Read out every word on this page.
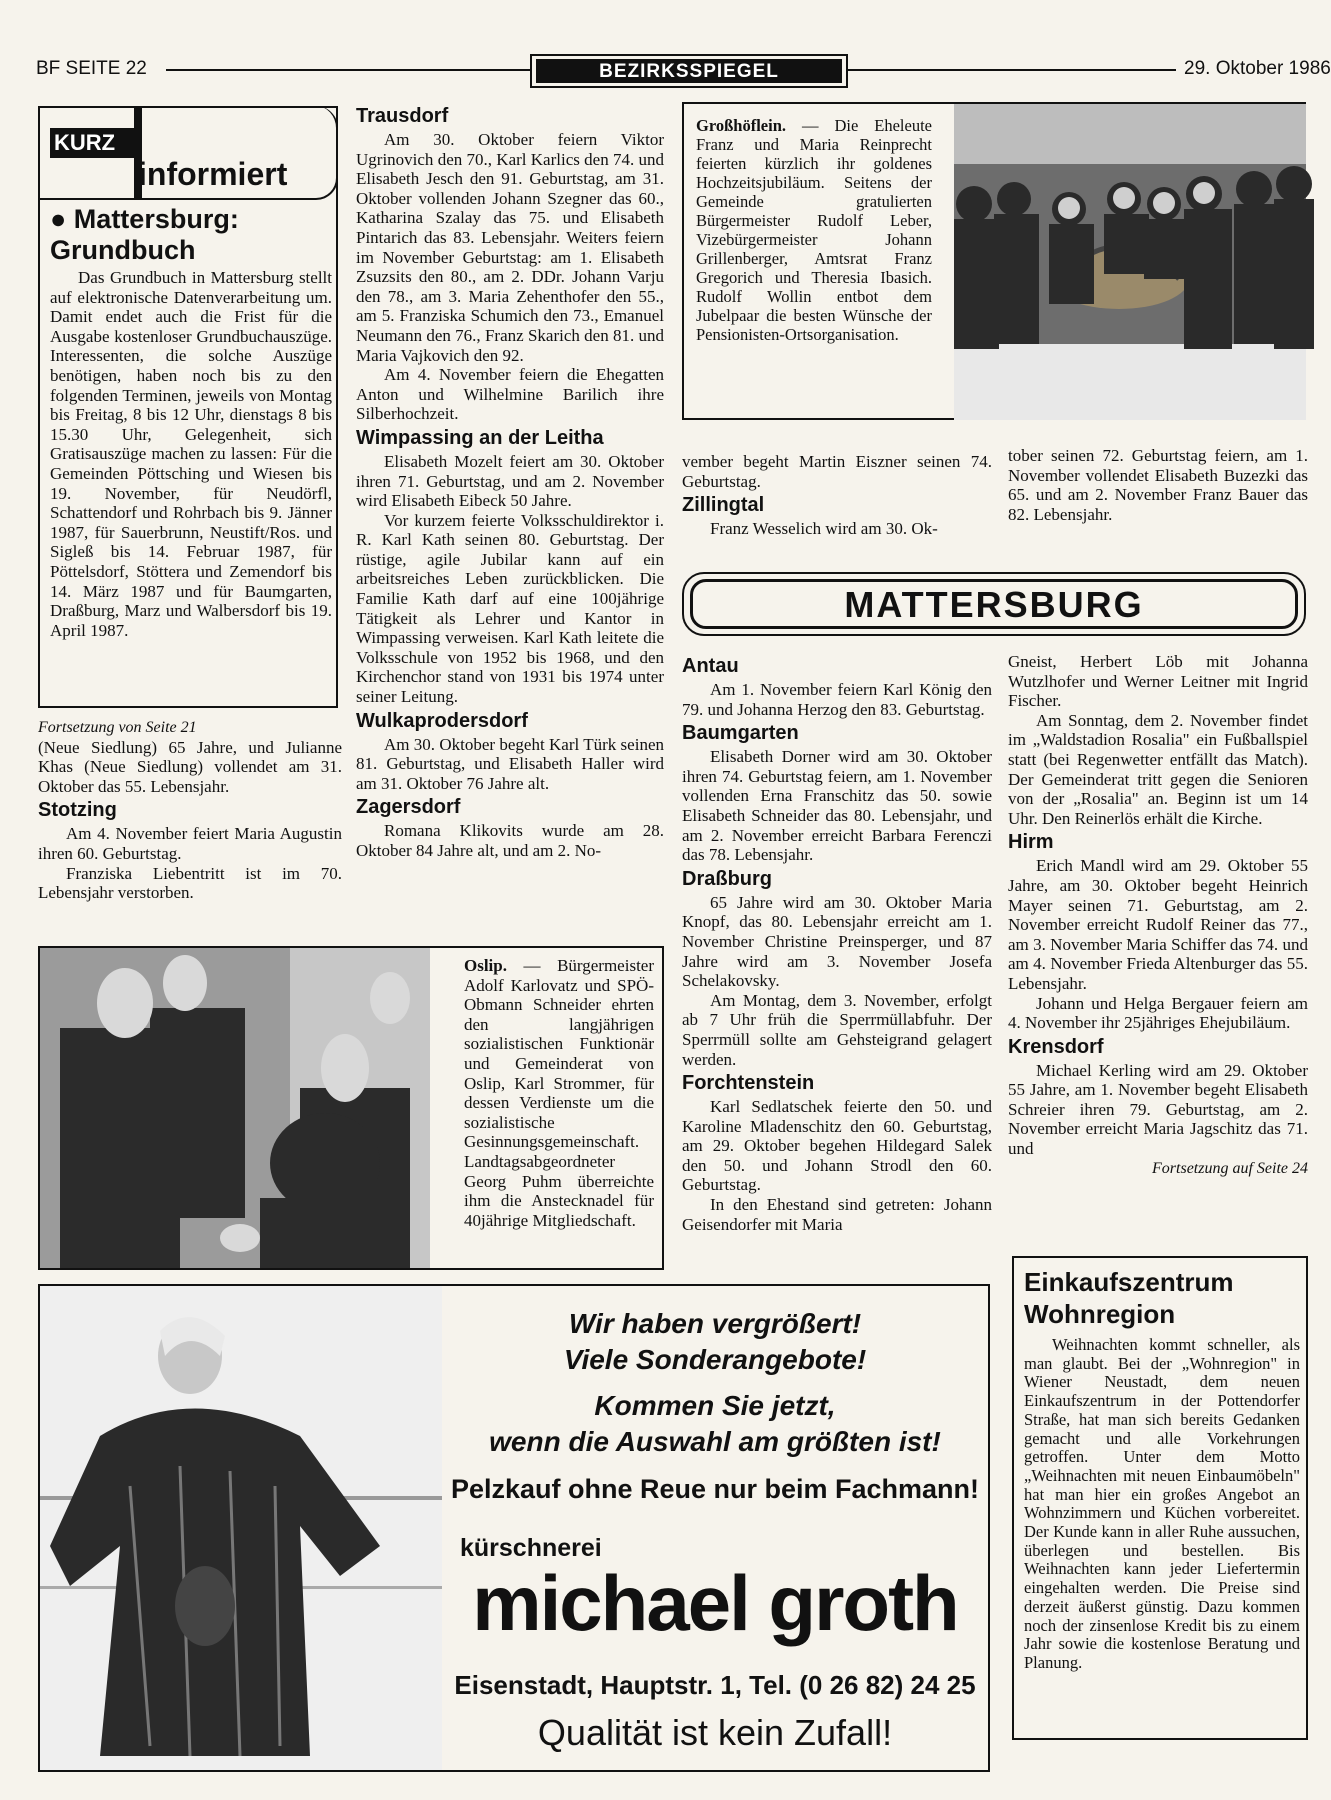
BF SEITE 22	BEZIRKSSPIEGEL	29. Oktober 1986
KURZ
informiert
● Mattersburg: Grundbuch

Das Grundbuch in Mattersburg stellt auf elektronische Datenverarbeitung um. Damit endet auch die Frist für die Ausgabe kostenloser Grundbuchauszüge. Interessenten, die solche Auszüge benötigen, haben noch bis zu den folgenden Terminen, jeweils von Montag bis Freitag, 8 bis 12 Uhr, dienstags 8 bis 15.30 Uhr, Gelegenheit, sich Gratisauszüge machen zu lassen: Für die Gemeinden Pöttsching und Wiesen bis 19. November, für Neudörfl, Schattendorf und Rohrbach bis 9. Jänner 1987, für Sauerbrunn, Neustift/Ros. und Sigleß bis 14. Februar 1987, für Pöttelsdorf, Stöttera und Zemendorf bis 14. März 1987 und für Baumgarten, Draßburg, Marz und Walbersdorf bis 19. April 1987.

Fortsetzung von Seite 21

(Neue Siedlung) 65 Jahre, und Julianne Khas (Neue Siedlung) vollendet am 31. Oktober das 55. Lebensjahr.

Stotzing

Am 4. November feiert Maria Augustin ihren 60. Geburtstag.

Franziska Liebentritt ist im 70. Lebensjahr verstorben.

Trausdorf

Am 30. Oktober feiern Viktor Ugrinovich den 70., Karl Karlics den 74. und Elisabeth Jesch den 91. Geburtstag, am 31. Oktober vollenden Johann Szegner das 60., Katharina Szalay das 75. und Elisabeth Pintarich das 83. Lebensjahr. Weiters feiern im November Geburtstag: am 1. Elisabeth Zsuzsits den 80., am 2. DDr. Johann Varju den 78., am 3. Maria Zehenthofer den 55., am 5. Franziska Schumich den 73., Emanuel Neumann den 76., Franz Skarich den 81. und Maria Vajkovich den 92.

Am 4. November feiern die Ehegatten Anton und Wilhelmine Barilich ihre Silberhochzeit.

Wimpassing an der Leitha

Elisabeth Mozelt feiert am 30. Oktober ihren 71. Geburtstag, und am 2. November wird Elisabeth Eibeck 50 Jahre.

Vor kurzem feierte Volksschuldirektor i. R. Karl Kath seinen 80. Geburtstag. Der rüstige, agile Jubilar kann auf ein arbeitsreiches Leben zurückblicken. Die Familie Kath darf auf eine 100jährige Tätigkeit als Lehrer und Kantor in Wimpassing verweisen. Karl Kath leitete die Volksschule von 1952 bis 1968, und den Kirchenchor stand von 1931 bis 1974 unter seiner Leitung.

Wulkaprodersdorf

Am 30. Oktober begeht Karl Türk seinen 81. Geburtstag, und Elisabeth Haller wird am 31. Oktober 76 Jahre alt.

Zagersdorf

Romana Klikovits wurde am 28. Oktober 84 Jahre alt, und am 2. No-

Großhöflein. — Die Eheleute Franz und Maria Reinprecht feierten kürzlich ihr goldenes Hochzeitsjubiläum. Seitens der Gemeinde gratulierten Bürgermeister Rudolf Leber, Vizebürgermeister Johann Grillenberger, Amtsrat Franz Gregorich und Theresia Ibasich. Rudolf Wollin entbot dem Jubelpaar die besten Wünsche der Pensionisten-Ortsorganisation.

vember begeht Martin Eiszner seinen 74. Geburtstag.

Zillingtal

Franz Wesselich wird am 30. Ok-

tober seinen 72. Geburtstag feiern, am 1. November vollendet Elisabeth Buzezki das 65. und am 2. November Franz Bauer das 82. Lebensjahr.

MATTERSBURG
Antau

Am 1. November feiern Karl König den 79. und Johanna Herzog den 83. Geburtstag.

Baumgarten

Elisabeth Dorner wird am 30. Oktober ihren 74. Geburtstag feiern, am 1. November vollenden Erna Franschitz das 50. sowie Elisabeth Schneider das 80. Lebensjahr, und am 2. November erreicht Barbara Ferenczi das 78. Lebensjahr.

Draßburg

65 Jahre wird am 30. Oktober Maria Knopf, das 80. Lebensjahr erreicht am 1. November Christine Preinsperger, und 87 Jahre wird am 3. November Josefa Schelakovsky.

Am Montag, dem 3. November, erfolgt ab 7 Uhr früh die Sperrmüllabfuhr. Der Sperrmüll sollte am Gehsteigrand gelagert werden.

Forchtenstein

Karl Sedlatschek feierte den 50. und Karoline Mladenschitz den 60. Geburtstag, am 29. Oktober begehen Hildegard Salek den 50. und Johann Strodl den 60. Geburtstag.

In den Ehestand sind getreten: Johann Geisendorfer mit Maria

Gneist, Herbert Löb mit Johanna Wutzlhofer und Werner Leitner mit Ingrid Fischer.

Am Sonntag, dem 2. November findet im „Waldstadion Rosalia" ein Fußballspiel statt (bei Regenwetter entfällt das Match). Der Gemeinderat tritt gegen die Senioren von der „Rosalia" an. Beginn ist um 14 Uhr. Den Reinerlös erhält die Kirche.

Hirm

Erich Mandl wird am 29. Oktober 55 Jahre, am 30. Oktober begeht Heinrich Mayer seinen 71. Geburtstag, am 2. November erreicht Rudolf Reiner das 77., am 3. November Maria Schiffer das 74. und am 4. November Frieda Altenburger das 55. Lebensjahr.

Johann und Helga Bergauer feiern am 4. November ihr 25jähriges Ehejubiläum.

Krensdorf

Michael Kerling wird am 29. Oktober 55 Jahre, am 1. November begeht Elisabeth Schreier ihren 79. Geburtstag, am 2. November erreicht Maria Jagschitz das 71. und

Fortsetzung auf Seite 24

Oslip. — Bürgermeister Adolf Karlovatz und SPÖ-Obmann Schneider ehrten den langjährigen sozialistischen Funktionär und Gemeinderat von Oslip, Karl Strommer, für dessen Verdienste um die sozialistische Gesinnungsgemeinschaft. Landtagsabgeordneter Georg Puhm überreichte ihm die Anstecknadel für 40jährige Mitgliedschaft.

Wir haben vergrößert!
Viele Sonderangebote!
Kommen Sie jetzt,
wenn die Auswahl am größten ist!
Pelzkauf ohne Reue nur beim Fachmann!
kürschnerei
michael groth
Eisenstadt, Hauptstr. 1, Tel. (0 26 82) 24 25
Qualität ist kein Zufall!
Einkaufszentrum Wohnregion

Weihnachten kommt schneller, als man glaubt. Bei der „Wohnregion" in Wiener Neustadt, dem neuen Einkaufszentrum in der Pottendorfer Straße, hat man sich bereits Gedanken gemacht und alle Vorkehrungen getroffen. Unter dem Motto „Weihnachten mit neuen Einbaumöbeln" hat man hier ein großes Angebot an Wohnzimmern und Küchen vorbereitet. Der Kunde kann in aller Ruhe aussuchen, überlegen und bestellen. Bis Weihnachten kann jeder Liefertermin eingehalten werden. Die Preise sind derzeit äußerst günstig. Dazu kommen noch der zinsenlose Kredit bis zu einem Jahr sowie die kostenlose Beratung und Planung.
